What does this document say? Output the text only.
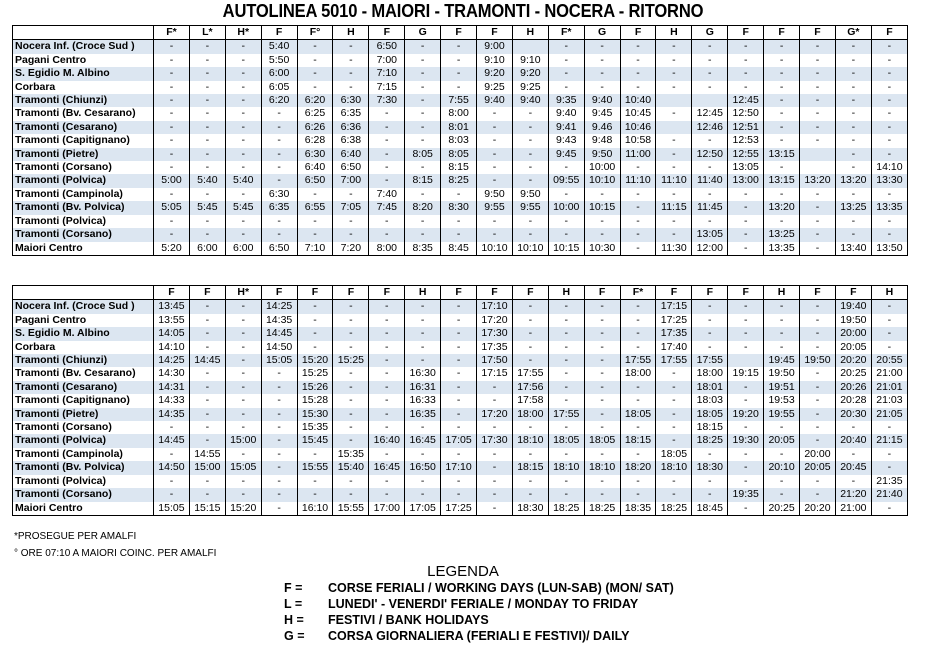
AUTOLINEA 5010 - MAIORI - TRAMONTI - NOCERA - RITORNO
	F*	L*	H*	F	F°	H	F	G	F	F	H	F*	G	F	H	G	F	F	F	G*	F
Nocera Inf. (Croce Sud )	-	-	-	5:40	-	-	6:50	-	-	9:00		-	-	-	-	-	-	-	-	-	-
Pagani Centro	-	-	-	5:50	-	-	7:00	-	-	9:10	9:10	-	-	-	-	-	-	-	-	-	-
S. Egidio M. Albino	-	-	-	6:00	-	-	7:10	-	-	9:20	9:20	-	-	-	-	-	-	-	-	-	-
Corbara	-	-	-	6:05	-	-	7:15	-	-	9:25	9:25	-	-	-	-	-	-	-	-	-	-
Tramonti (Chiunzi)	-	-	-	6:20	6:20	6:30	7:30	-	7:55	9:40	9:40	9:35	9:40	10:40			12:45	-	-	-	-
Tramonti (Bv. Cesarano)	-	-	-	-	6:25	6:35	-	-	8:00	-	-	9:40	9:45	10:45	-	12:45	12:50	-	-	-	-
Tramonti (Cesarano)	-	-	-	-	6:26	6:36	-	-	8:01	-	-	9:41	9.46	10:46		12:46	12:51	-	-	-	-
Tramonti (Capitignano)	-	-	-	-	6:28	6:38	-	-	8:03	-	-	9:43	9:48	10:58	-	-	12:53	-	-	-	-
Tramonti (Pietre)	-	-	-	-	6:30	6:40	-	8:05	8:05	-	-	9:45	9:50	11:00	-	12:50	12:55	13:15		-	-
Tramonti (Corsano)	-	-	-	-	6:40	6:50	-	-	8:15	-	-	-	10:00	-	-	-	13:05	-		-	14:10
Tramonti (Polvica)	5:00	5:40	5:40	-	6:50	7:00	-	8:15	8:25	-	-	09:55	10:10	11:10	11:10	11:40	13:00	13:15	13:20	13:20	13:30
Tramonti (Campinola)	-	-	-	6:30	-	-	7:40	-	-	9:50	9:50	-	-	-	-	-	-	-	-	-	-
Tramonti (Bv. Polvica)	5:05	5:45	5:45	6:35	6:55	7:05	7:45	8:20	8:30	9:55	9:55	10:00	10:15	-	11:15	11:45	-	13:20	-	13:25	13:35
Tramonti (Polvica)	-	-	-	-	-	-	-	-	-	-	-	-	-	-	-	-	-	-	-	-	-
Tramonti (Corsano)	-	-	-	-	-	-	-	-	-	-	-	-	-	-	-	13:05	-	13:25	-	-	-
Maiori Centro	5:20	6:00	6:00	6:50	7:10	7:20	8:00	8:35	8:45	10:10	10:10	10:15	10:30	-	11:30	12:00	-	13:35	-	13:40	13:50
	F	F	H*	F	F	F	F	H	F	F	F	H	F	F*	F	F	F	H	F	F	H
Nocera Inf. (Croce Sud )	13:45	-	-	14:25	-	-	-	-	-	17:10	-	-	-	-	17:15	-	-	-	-	19:40	-
Pagani Centro	13:55	-	-	14:35	-	-	-	-	-	17:20	-	-	-	-	17:25	-	-	-	-	19:50	-
S. Egidio M. Albino	14:05	-	-	14:45	-	-	-	-	-	17:30	-	-	-	-	17:35	-	-	-	-	20:00	-
Corbara	14:10	-	-	14:50	-	-	-	-	-	17:35	-	-	-	-	17:40	-	-	-	-	20:05	-
Tramonti (Chiunzi)	14:25	14:45	-	15:05	15:20	15:25	-	-	-	17:50	-	-	-	17:55	17:55	17:55		19:45	19:50	20:20	20:55
Tramonti (Bv. Cesarano)	14:30	-	-	-	15:25	-	-	16:30	-	17:15	17:55	-	-	18:00	-	18:00	19:15	19:50	-	20:25	21:00
Tramonti (Cesarano)	14:31	-	-	-	15:26	-	-	16:31	-	-	17:56	-	-	-	-	18:01	-	19:51	-	20:26	21:01
Tramonti (Capitignano)	14:33	-	-	-	15:28	-	-	16:33	-	-	17:58	-	-	-	-	18:03	-	19:53	-	20:28	21:03
Tramonti (Pietre)	14:35	-	-	-	15:30	-	-	16:35	-	17:20	18:00	17:55	-	18:05	-	18:05	19:20	19:55	-	20:30	21:05
Tramonti (Corsano)	-	-	-	-	15:35	-	-	-	-	-	-	-	-	-	-	18:15	-	-	-	-	-
Tramonti (Polvica)	14:45	-	15:00	-	15:45	-	16:40	16:45	17:05	17:30	18:10	18:05	18:05	18:15	-	18:25	19:30	20:05	-	20:40	21:15
Tramonti (Campinola)	-	14:55	-	-	-	15:35	-	-	-	-	-	-	-	-	18:05	-	-	-	20:00	-	-
Tramonti (Bv. Polvica)	14:50	15:00	15:05	-	15:55	15:40	16:45	16:50	17:10	-	18:15	18:10	18:10	18:20	18:10	18:30	-	20:10	20:05	20:45	-
Tramonti (Polvica)	-	-	-	-	-	-	-	-	-	-	-	-	-	-	-	-	-	-	-	-	21:35
Tramonti (Corsano)	-	-	-	-	-	-	-	-	-	-	-	-	-	-	-	-	19:35	-	-	21:20	21:40
Maiori Centro	15:05	15:15	15:20	-	16:10	15:55	17:00	17:05	17:25	-	18:30	18:25	18:25	18:35	18:25	18:45	-	20:25	20:20	21:00	-
*PROSEGUE PER AMALFI
° ORE 07:10 A MAIORI COINC. PER AMALFI
LEGENDA
F =	CORSE FERIALI / WORKING DAYS (LUN-SAB) (MON/ SAT)
L =	LUNEDI' - VENERDI' FERIALE / MONDAY TO FRIDAY
H =	FESTIVI / BANK HOLIDAYS
G =	CORSA GIORNALIERA (FERIALI E FESTIVI)/ DAILY
